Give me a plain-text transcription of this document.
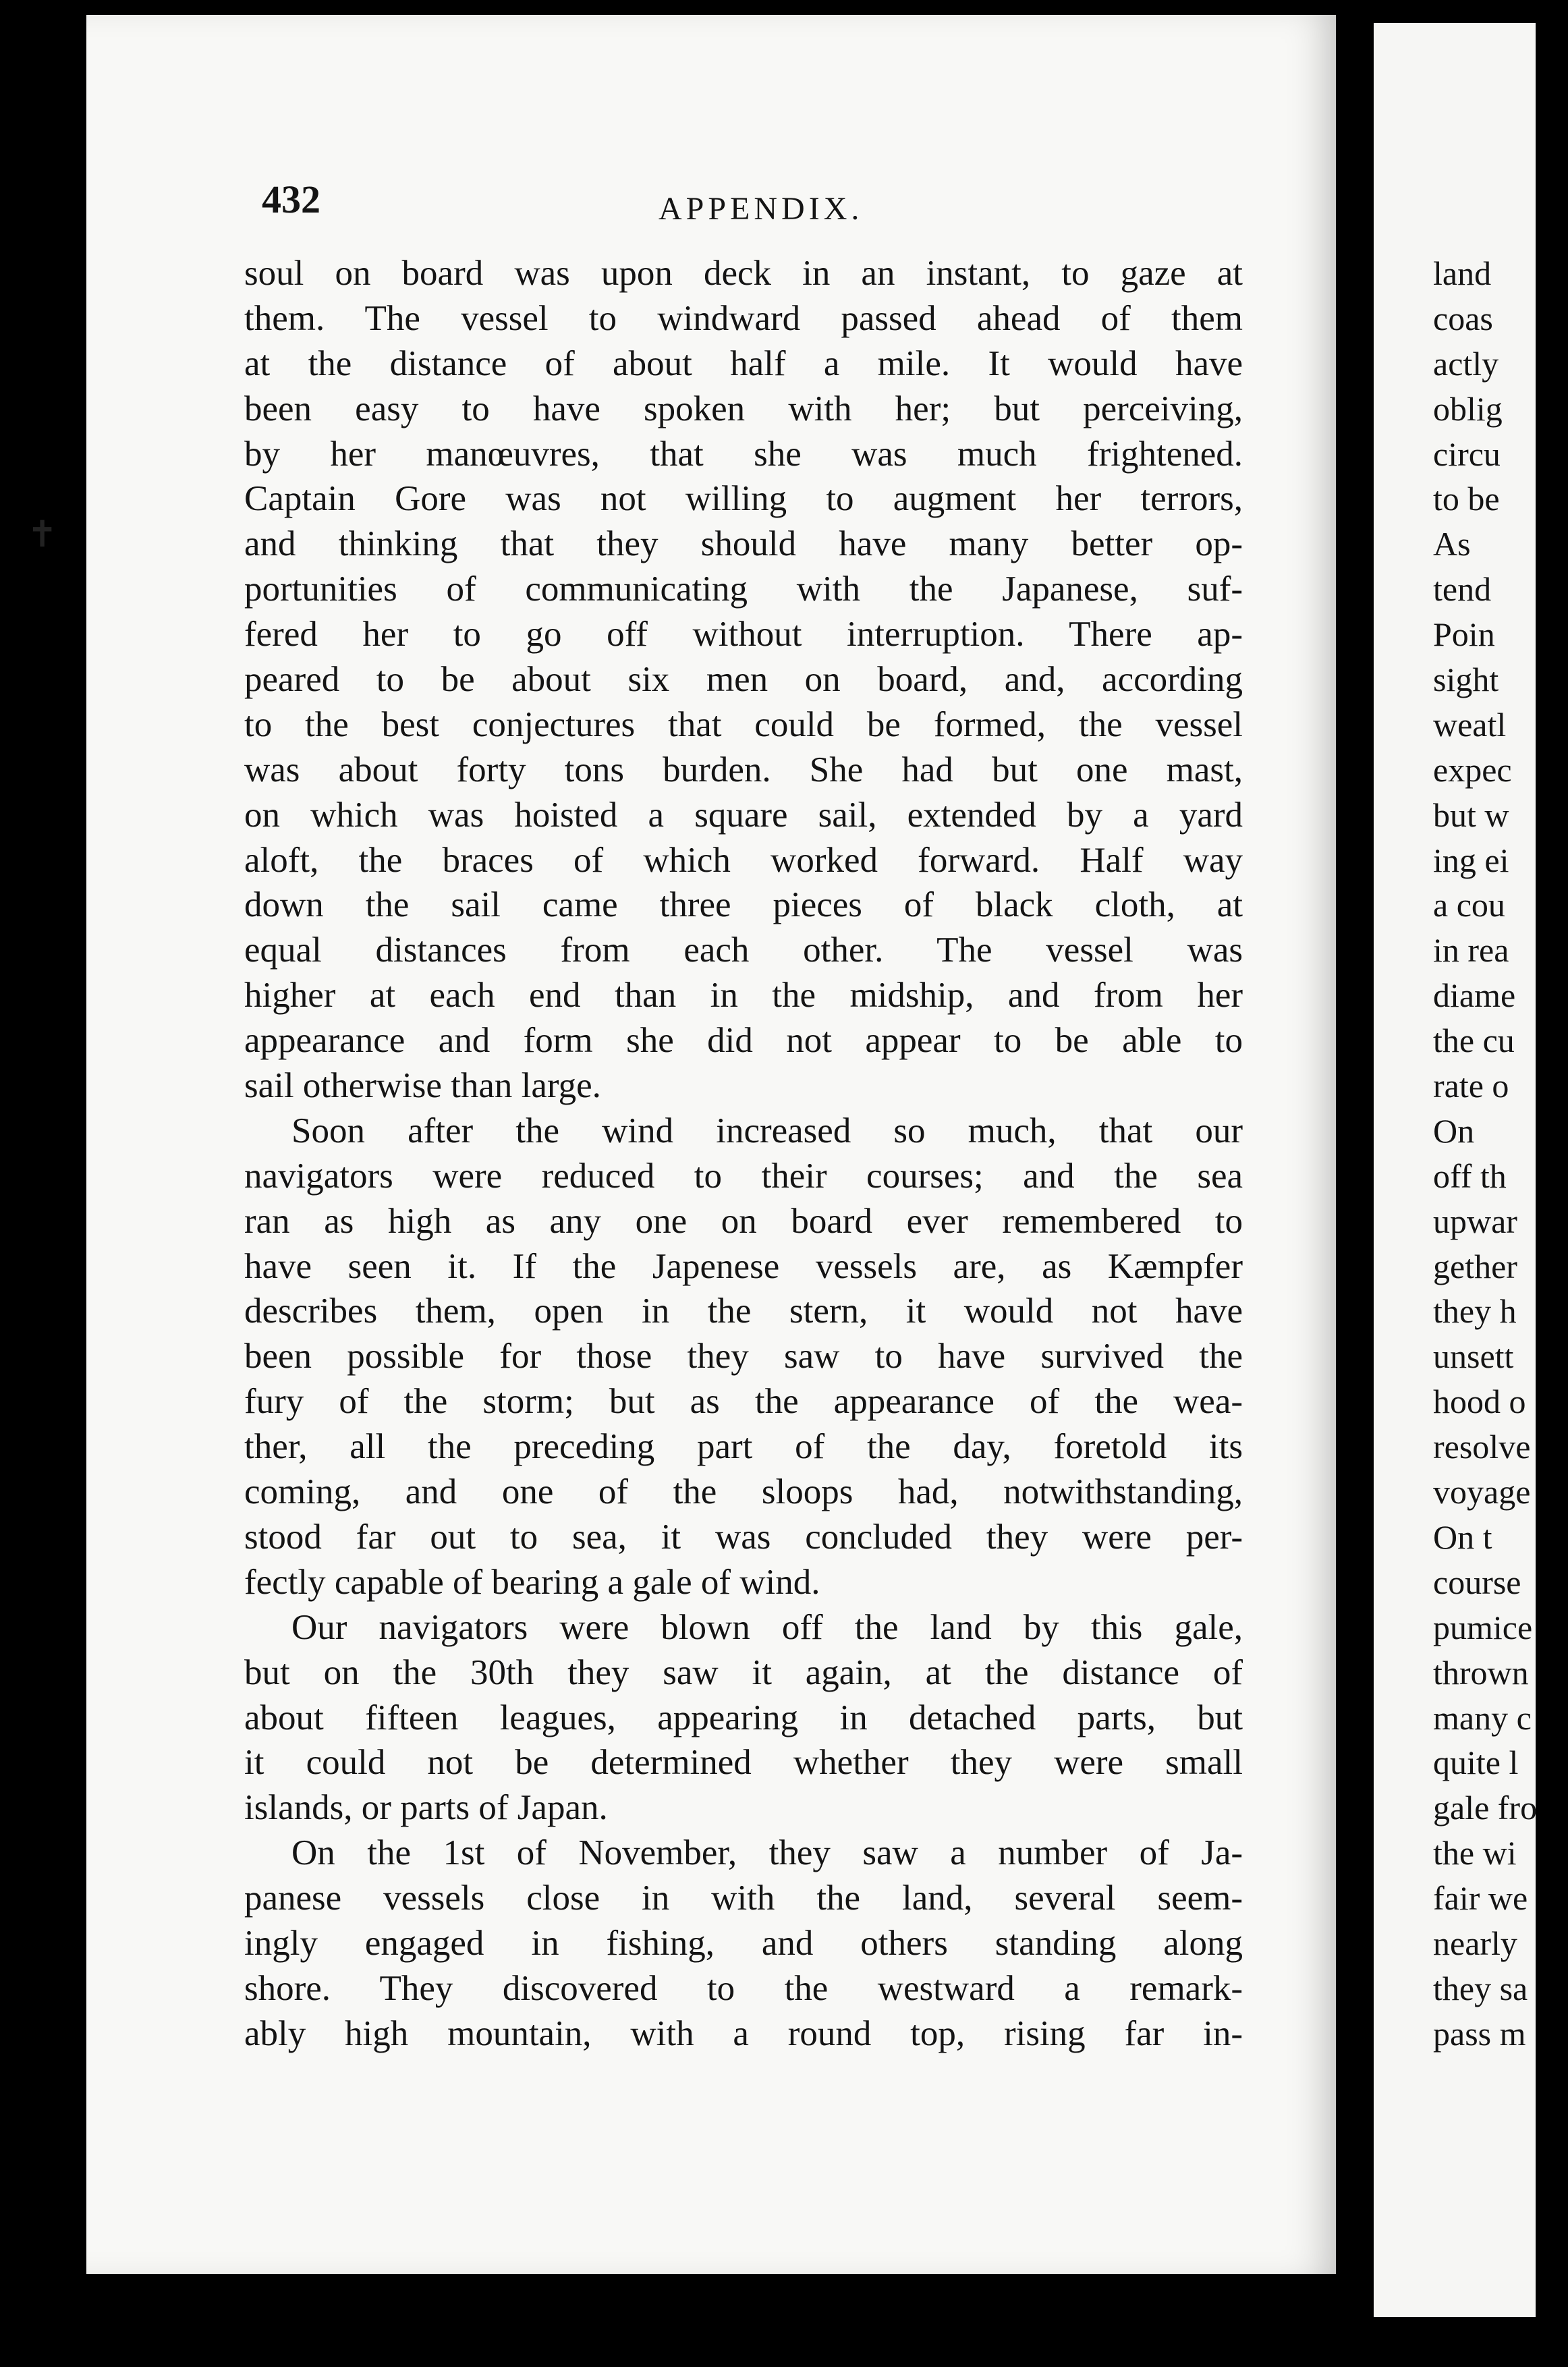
✝
432	APPENDIX.
soul on board was upon deck in an instant, to gaze at
them. The vessel to windward passed ahead of them
at the distance of about half a mile. It would have
been easy to have spoken with her; but perceiving,
by her manœuvres, that she was much frightened.
Captain Gore was not willing to augment her terrors,
and thinking that they should have many better op-
portunities of communicating with the Japanese, suf-
fered her to go off without interruption. There ap-
peared to be about six men on board, and, according
to the best conjectures that could be formed, the vessel
was about forty tons burden. She had but one mast,
on which was hoisted a square sail, extended by a yard
aloft, the braces of which worked forward. Half way
down the sail came three pieces of black cloth, at
equal distances from each other. The vessel was
higher at each end than in the midship, and from her
appearance and form she did not appear to be able to
sail otherwise than large.
Soon after the wind increased so much, that our
navigators were reduced to their courses; and the sea
ran as high as any one on board ever remembered to
have seen it. If the Japenese vessels are, as Kæmpfer
describes them, open in the stern, it would not have
been possible for those they saw to have survived the
fury of the storm; but as the appearance of the wea-
ther, all the preceding part of the day, foretold its
coming, and one of the sloops had, notwithstanding,
stood far out to sea, it was concluded they were per-
fectly capable of bearing a gale of wind.
Our navigators were blown off the land by this gale,
but on the 30th they saw it again, at the distance of
about fifteen leagues, appearing in detached parts, but
it could not be determined whether they were small
islands, or parts of Japan.
On the 1st of November, they saw a number of Ja-
panese vessels close in with the land, several seem-
ingly engaged in fishing, and others standing along
shore. They discovered to the westward a remark-
ably high mountain, with a round top, rising far in-
land
coas
actly
oblig
circu
to be
As
tend
Poin
sight
weatl
expec
but w
ing ei
a cou
in rea
diame
the cu
rate o
On
off th
upwar
gether
they h
unsett
hood o
resolve
voyage
On t
course
pumice
thrown
many c
quite l
gale fro
the wi
fair we
nearly
they sa
pass m
